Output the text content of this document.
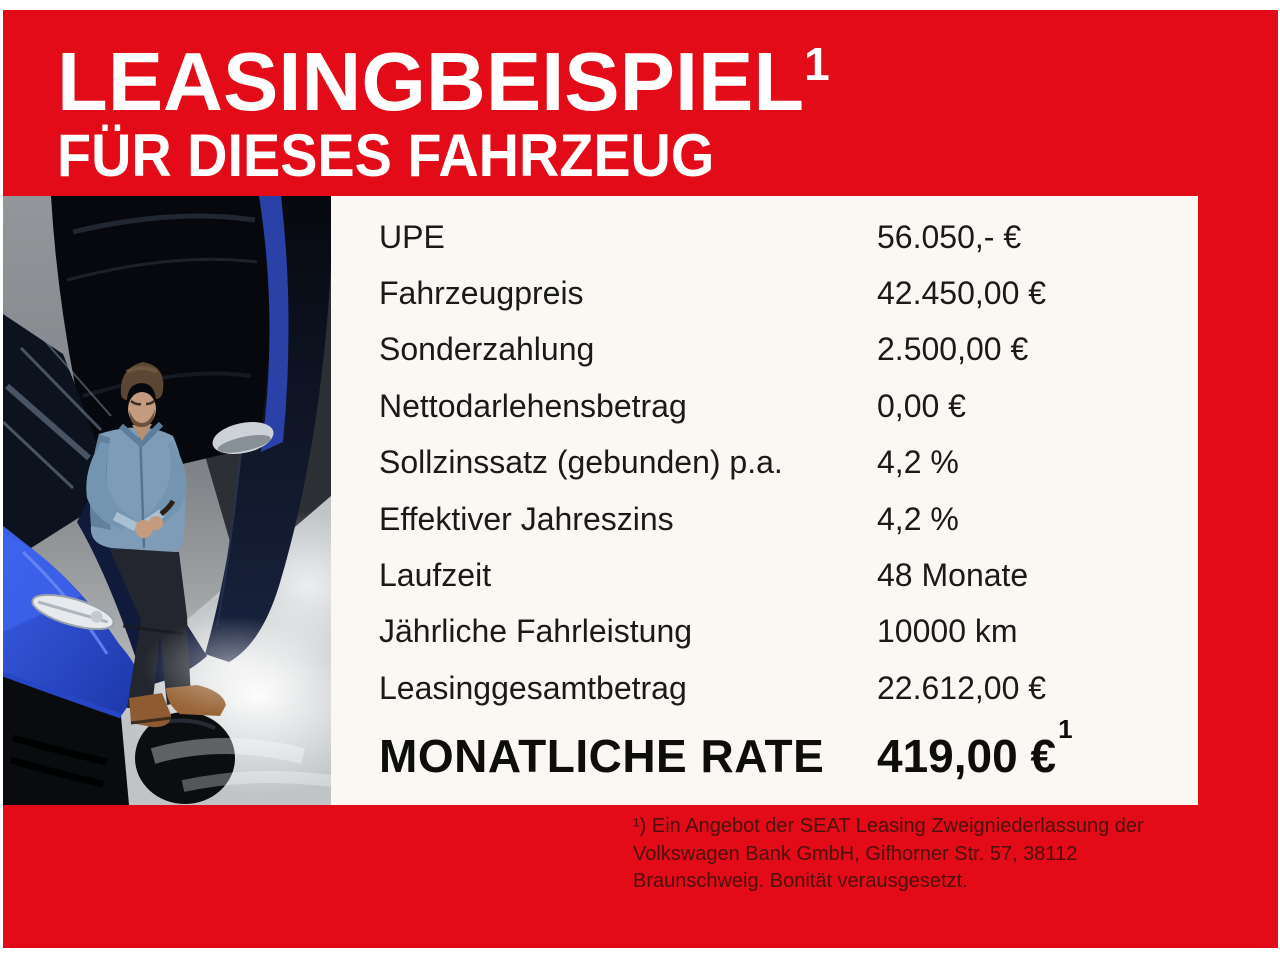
LEASINGBEISPIEL$^1$
FÜR DIESES FAHRZEUG
UPE	56.050,- €
Fahrzeugpreis	42.450,00 €
Sonderzahlung	2.500,00 €
Nettodarlehensbetrag	0,00 €
Sollzinssatz (gebunden) p.a.	4,2 %
Effektiver Jahreszins	4,2 %
Laufzeit	48 Monate
Jährliche Fahrleistung	10000 km
Leasinggesamtbetrag	22.612,00 €
MONATLICHE RATE	419,00 €$^1$
¹) Ein Angebot der SEAT Leasing Zweigniederlassung der
Volkswagen Bank GmbH, Gifhorner Str. 57, 38112
Braunschweig. Bonität verausgesetzt.
